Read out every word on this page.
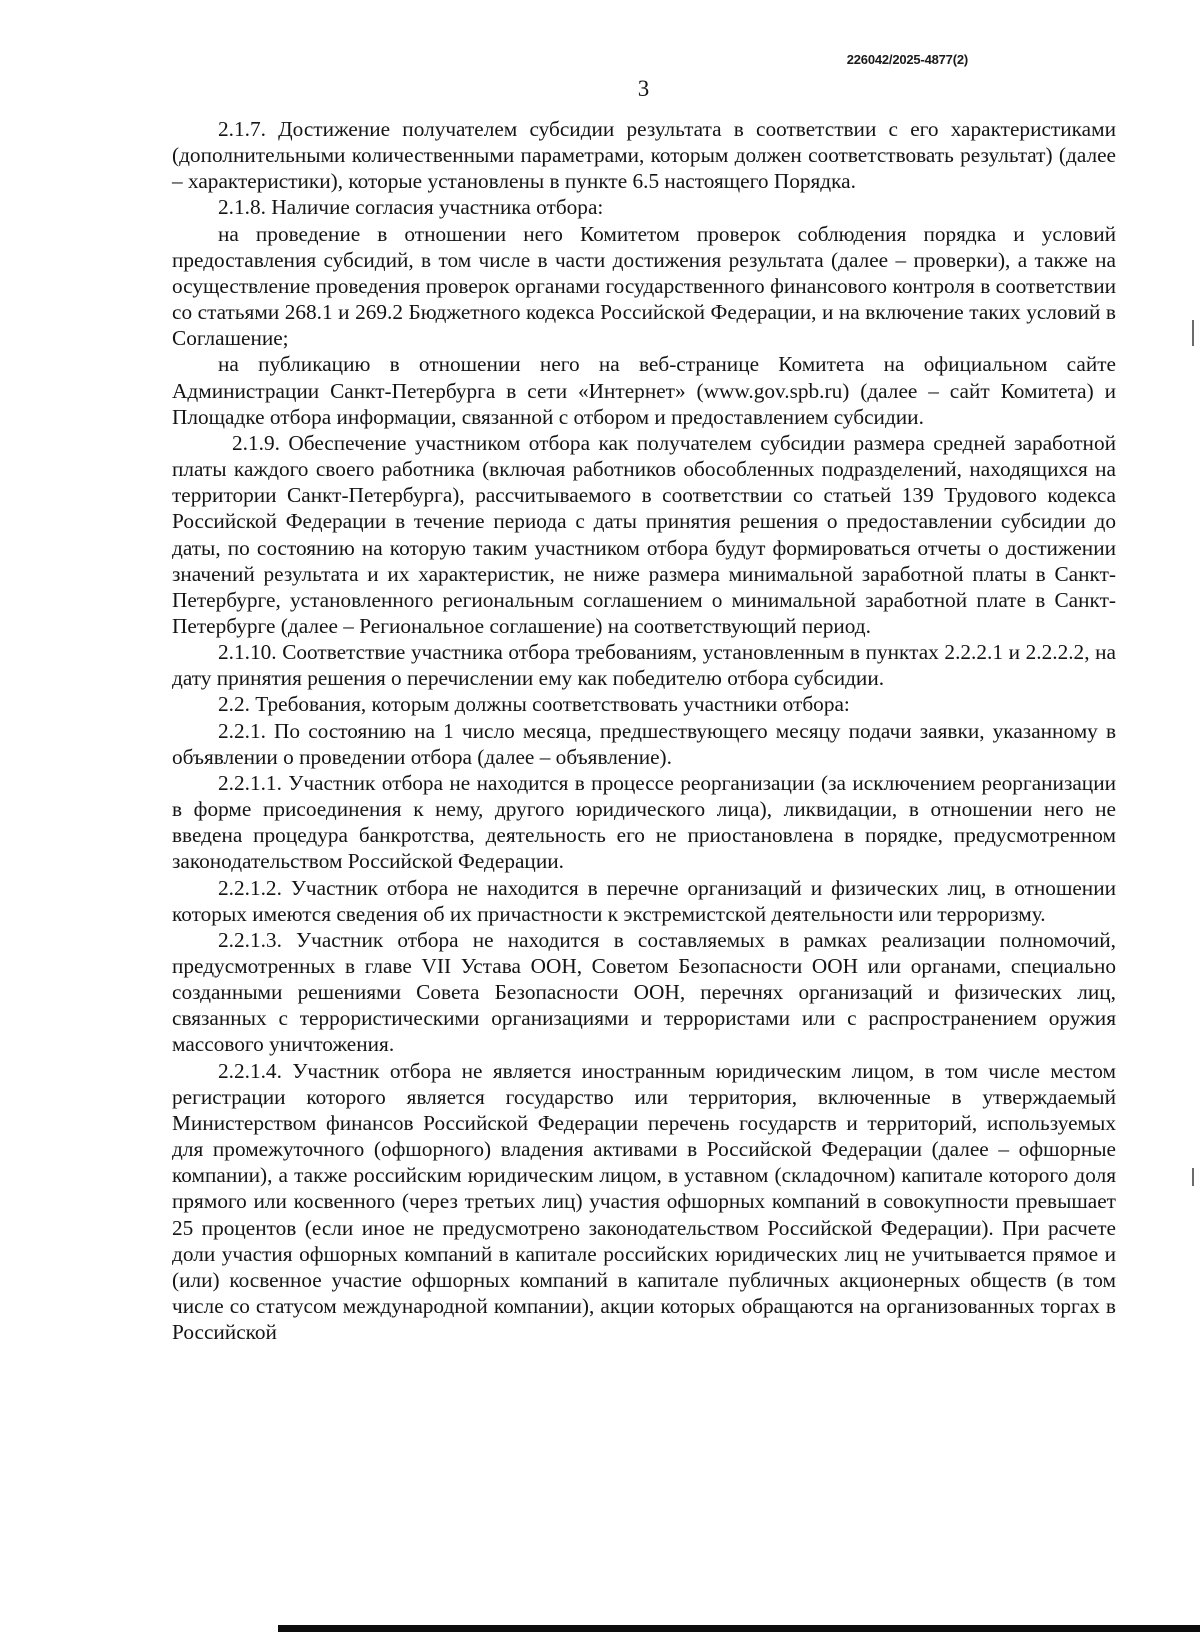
226042/2025-4877(2)
3

2.1.7. Достижение получателем субсидии результата в соответствии с его характеристиками (дополнительными количественными параметрами, которым должен соответствовать результат) (далее – характеристики), которые установлены в пункте 6.5 настоящего Порядка.

2.1.8. Наличие согласия участника отбора:

на проведение в отношении него Комитетом проверок соблюдения порядка и условий предоставления субсидий, в том числе в части достижения результата (далее – проверки), а также на осуществление проведения проверок органами государственного финансового контроля в соответствии со статьями 268.1 и 269.2 Бюджетного кодекса Российской Федерации, и на включение таких условий в Соглашение;

на публикацию в отношении него на веб-странице Комитета на официальном сайте Администрации Санкт-Петербурга в сети «Интернет» (www.gov.spb.ru) (далее – сайт Комитета) и Площадке отбора информации, связанной с отбором и предоставлением субсидии.

2.1.9. Обеспечение участником отбора как получателем субсидии размера средней заработной платы каждого своего работника (включая работников обособленных подразделений, находящихся на территории Санкт-Петербурга), рассчитываемого в соответствии со статьей 139 Трудового кодекса Российской Федерации в течение периода с даты принятия решения о предоставлении субсидии до даты, по состоянию на которую таким участником отбора будут формироваться отчеты о достижении значений результата и их характеристик, не ниже размера минимальной заработной платы в Санкт-Петербурге, установленного региональным соглашением о минимальной заработной плате в Санкт-Петербурге (далее – Региональное соглашение) на соответствующий период.

2.1.10. Соответствие участника отбора требованиям, установленным в пунктах 2.2.2.1 и 2.2.2.2, на дату принятия решения о перечислении ему как победителю отбора субсидии.

2.2. Требования, которым должны соответствовать участники отбора:

2.2.1. По состоянию на 1 число месяца, предшествующего месяцу подачи заявки, указанному в объявлении о проведении отбора (далее – объявление).

2.2.1.1. Участник отбора не находится в процессе реорганизации (за исключением реорганизации в форме присоединения к нему, другого юридического лица), ликвидации, в отношении него не введена процедура банкротства, деятельность его не приостановлена в порядке, предусмотренном законодательством Российской Федерации.

2.2.1.2. Участник отбора не находится в перечне организаций и физических лиц, в отношении которых имеются сведения об их причастности к экстремистской деятельности или терроризму.

2.2.1.3. Участник отбора не находится в составляемых в рамках реализации полномочий, предусмотренных в главе VII Устава ООН, Советом Безопасности ООН или органами, специально созданными решениями Совета Безопасности ООН, перечнях организаций и физических лиц, связанных с террористическими организациями и террористами или с распространением оружия массового уничтожения.

2.2.1.4. Участник отбора не является иностранным юридическим лицом, в том числе местом регистрации которого является государство или территория, включенные в утверждаемый Министерством финансов Российской Федерации перечень государств и территорий, используемых для промежуточного (офшорного) владения активами в Российской Федерации (далее – офшорные компании), а также российским юридическим лицом, в уставном (складочном) капитале которого доля прямого или косвенного (через третьих лиц) участия офшорных компаний в совокупности превышает 25 процентов (если иное не предусмотрено законодательством Российской Федерации). При расчете доли участия офшорных компаний в капитале российских юридических лиц не учитывается прямое и (или) косвенное участие офшорных компаний в капитале публичных акционерных обществ (в том числе со статусом международной компании), акции которых обращаются на организованных торгах в Российской
